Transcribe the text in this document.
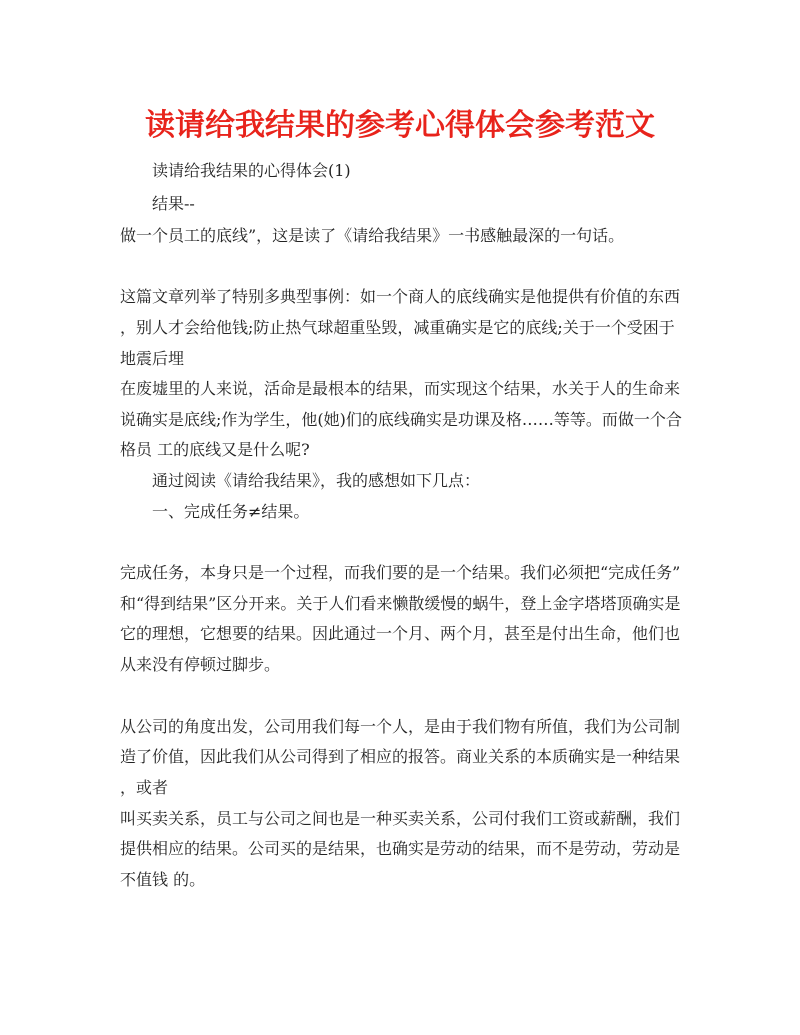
读请给我结果的参考心得体会参考范文

读请给我结果的心得体会(1)

结果--

做一个员工的底线”，这是读了《请给我结果》一书感触最深的一句话。

这篇文章列举了特别多典型事例：如一个商人的底线确实是他提供有价值的东西

，别人才会给他钱;防止热气球超重坠毁，减重确实是它的底线;关于一个受困于

地震后埋

在废墟里的人来说，活命是最根本的结果，而实现这个结果，水关于人的生命来

说确实是底线;作为学生，他(她)们的底线确实是功课及格……等等。而做一个合

格员 工的底线又是什么呢?

通过阅读《请给我结果》，我的感想如下几点：

一、完成任务≠结果。

完成任务，本身只是一个过程，而我们要的是一个结果。我们必须把“完成任务”

和“得到结果”区分开来。关于人们看来懒散缓慢的蜗牛，登上金字塔塔顶确实是

它的理想，它想要的结果。因此通过一个月、两个月，甚至是付出生命，他们也

从来没有停顿过脚步。

从公司的角度出发，公司用我们每一个人，是由于我们物有所值，我们为公司制

造了价值，因此我们从公司得到了相应的报答。商业关系的本质确实是一种结果

，或者

叫买卖关系，员工与公司之间也是一种买卖关系，公司付我们工资或薪酬，我们

提供相应的结果。公司买的是结果，也确实是劳动的结果，而不是劳动，劳动是

不值钱 的。
